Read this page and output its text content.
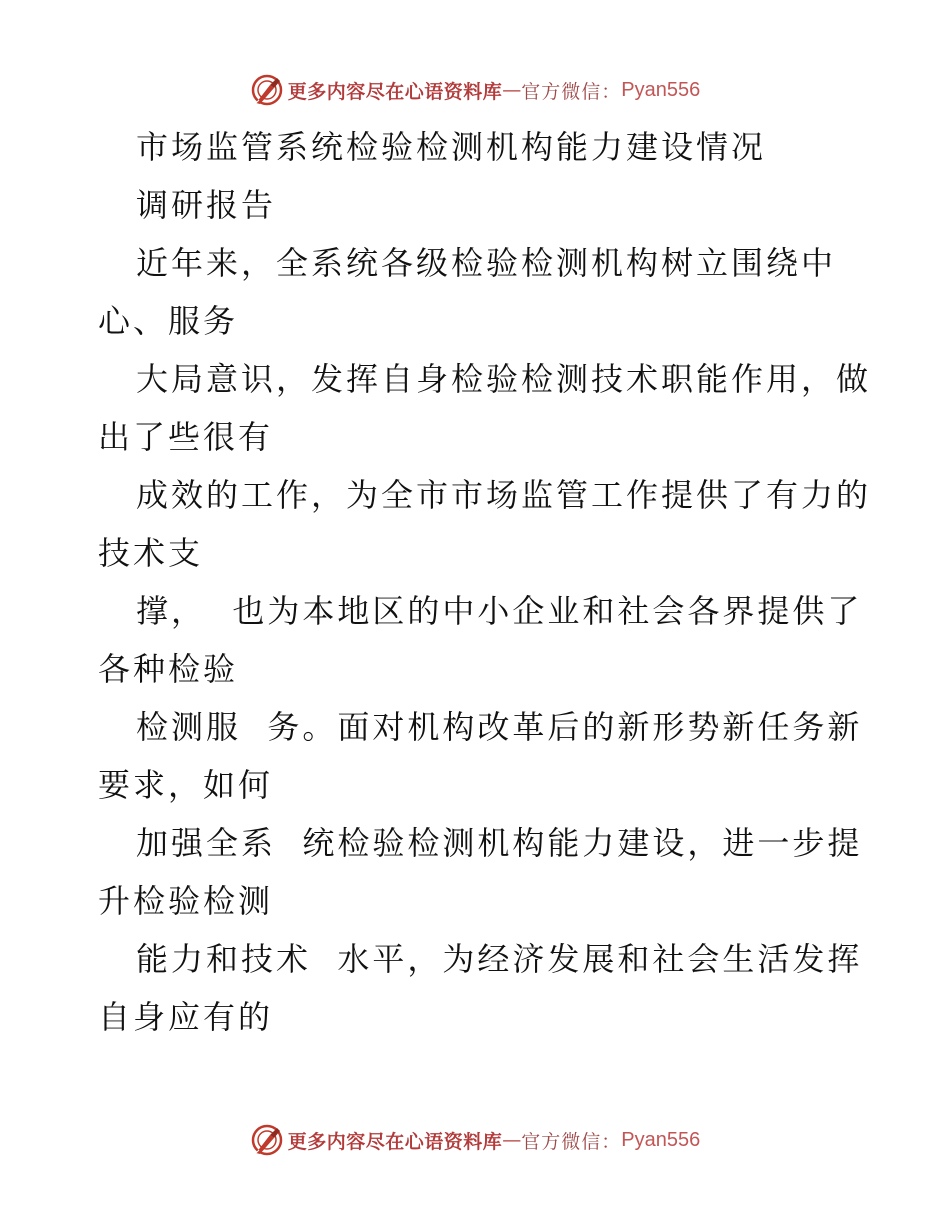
更多内容尽在心语资料库 — 官方微信： Pyan556
市场监管系统检验检测机构能力建设情况
调研报告
近年来，全系统各级检验检测机构树立围绕中
心、服务
大局意识，发挥自身检验检测技术职能作用，做
出了些很有
成效的工作，为全市市场监管工作提供了有力的
技术支
撑，  也为本地区的中小企业和社会各界提供了
各种检验
检测服  务。面对机构改革后的新形势新任务新
要求，如何
加强全系  统检验检测机构能力建设，进一步提
升检验检测
能力和技术  水平，为经济发展和社会生活发挥
自身应有的
更多内容尽在心语资料库 — 官方微信： Pyan556
